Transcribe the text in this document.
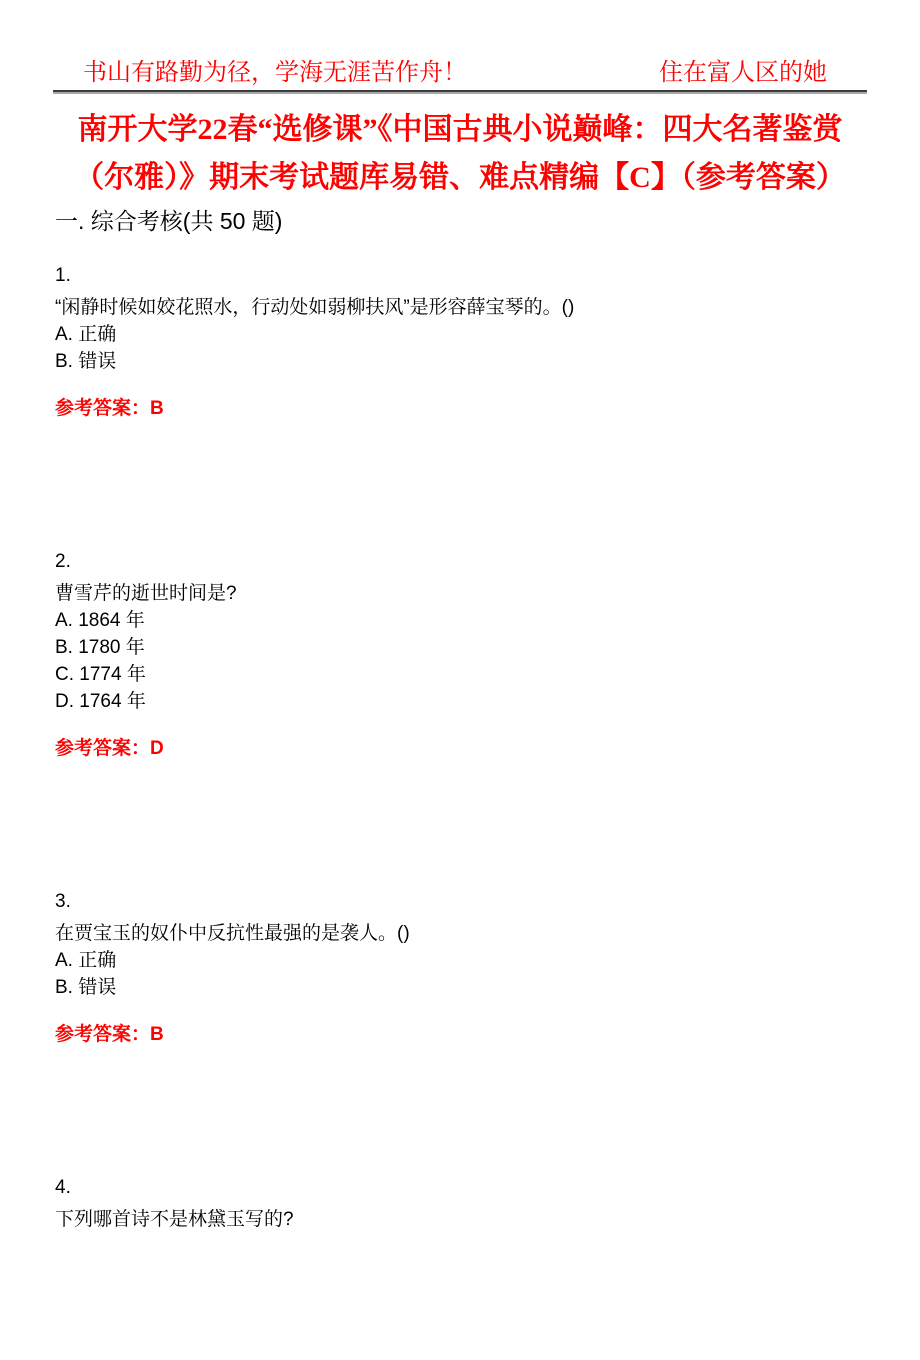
书山有路勤为径，学海无涯苦作舟！	住在富人区的她
南开大学22春“选修课”《中国古典小说巅峰：四大名著鉴赏（尔雅）》期末考试题库易错、难点精编【C】（参考答案）
一. 综合考核(共 50 题)
1.
“闲静时候如姣花照水，行动处如弱柳扶风”是形容薛宝琴的。()
A. 正确
B. 错误
参考答案：B
2.
曹雪芹的逝世时间是?
A. 1864 年
B. 1780 年
C. 1774 年
D. 1764 年
参考答案：D
3.
在贾宝玉的奴仆中反抗性最强的是袭人。()
A. 正确
B. 错误
参考答案：B
4.
下列哪首诗不是林黛玉写的?
